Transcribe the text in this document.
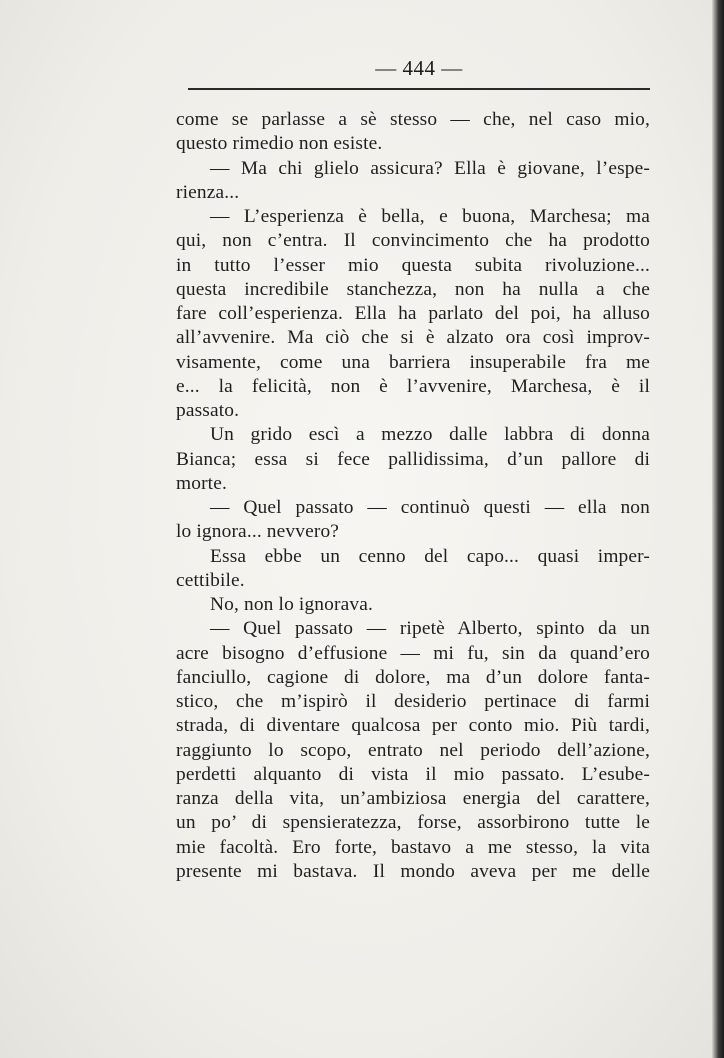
— 444 —
come se parlasse a sè stesso — che, nel caso mio,
questo rimedio non esiste.
— Ma chi glielo assicura? Ella è giovane, l’espe-
rienza...
— L’esperienza è bella, e buona, Marchesa; ma
qui, non c’entra. Il convincimento che ha prodotto
in tutto l’esser mio questa subita rivoluzione...
questa incredibile stanchezza, non ha nulla a che
fare coll’esperienza. Ella ha parlato del poi, ha alluso
all’avvenire. Ma ciò che si è alzato ora così improv-
visamente, come una barriera insuperabile fra me
e... la felicità, non è l’avvenire, Marchesa, è il
passato.
Un grido escì a mezzo dalle labbra di donna
Bianca; essa si fece pallidissima, d’un pallore di
morte.
— Quel passato — continuò questi — ella non
lo ignora... nevvero?
Essa ebbe un cenno del capo... quasi imper-
cettibile.
No, non lo ignorava.
— Quel passato — ripetè Alberto, spinto da un
acre bisogno d’effusione — mi fu, sin da quand’ero
fanciullo, cagione di dolore, ma d’un dolore fanta-
stico, che m’ispirò il desiderio pertinace di farmi
strada, di diventare qualcosa per conto mio. Più tardi,
raggiunto lo scopo, entrato nel periodo dell’azione,
perdetti alquanto di vista il mio passato. L’esube-
ranza della vita, un’ambiziosa energia del carattere,
un po’ di spensieratezza, forse, assorbirono tutte le
mie facoltà. Ero forte, bastavo a me stesso, la vita
presente mi bastava. Il mondo aveva per me delle
